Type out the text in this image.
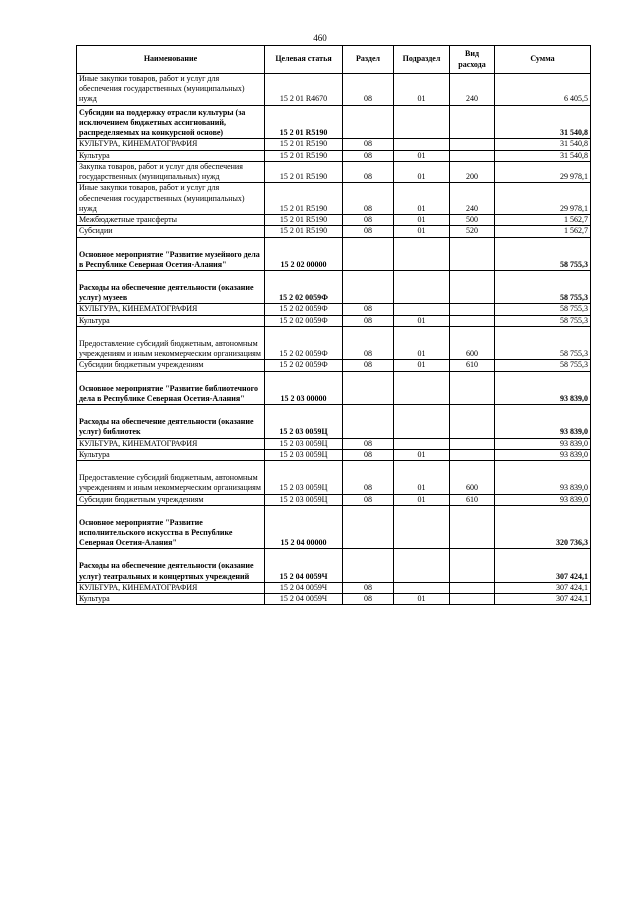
460
Наименование	Целевая статья	Раздел	Подраздел	Вид расхода	Сумма
Иные закупки товаров, работ и услуг для обеспечения государственных (муниципальных) нужд	15 2 01 R4670	08	01	240	6 405,5
Субсидии на поддержку отрасли культуры (за исключением бюджетных ассигнований, распределяемых на конкурсной основе)	15 2 01 R5190				31 540,8
КУЛЬТУРА, КИНЕМАТОГРАФИЯ	15 2 01 R5190	08			31 540,8
Культура	15 2 01 R5190	08	01		31 540,8
Закупка товаров, работ и услуг для обеспечения государственных (муниципальных) нужд	15 2 01 R5190	08	01	200	29 978,1
Иные закупки товаров, работ и услуг для обеспечения государственных (муниципальных) нужд	15 2 01 R5190	08	01	240	29 978,1
Межбюджетные трансферты	15 2 01 R5190	08	01	500	1 562,7
Субсидии	15 2 01 R5190	08	01	520	1 562,7
Основное мероприятие "Развитие музейного дела в Республике Северная Осетия-Алания"	15 2 02 00000				58 755,3
Расходы на обеспечение деятельности (оказание услуг) музеев	15 2 02 0059Ф				58 755,3
КУЛЬТУРА, КИНЕМАТОГРАФИЯ	15 2 02 0059Ф	08			58 755,3
Культура	15 2 02 0059Ф	08	01		58 755,3
Предоставление субсидий бюджетным, автономным учреждениям и иным некоммерческим организациям	15 2 02 0059Ф	08	01	600	58 755,3
Субсидии бюджетным учреждениям	15 2 02 0059Ф	08	01	610	58 755,3
Основное мероприятие "Развитие библиотечного дела в Республике Северная Осетия-Алания"	15 2 03 00000				93 839,0
Расходы на обеспечение деятельности (оказание услуг) библиотек	15 2 03 0059Ц				93 839,0
КУЛЬТУРА, КИНЕМАТОГРАФИЯ	15 2 03 0059Ц	08			93 839,0
Культура	15 2 03 0059Ц	08	01		93 839,0
Предоставление субсидий бюджетным, автономным учреждениям и иным некоммерческим организациям	15 2 03 0059Ц	08	01	600	93 839,0
Субсидии бюджетным учреждениям	15 2 03 0059Ц	08	01	610	93 839,0
Основное мероприятие "Развитие исполнительского искусства в Республике Северная Осетия-Алания"	15 2 04 00000				320 736,3
Расходы на обеспечение деятельности (оказание услуг) театральных и концертных учреждений	15 2 04 0059Ч				307 424,1
КУЛЬТУРА, КИНЕМАТОГРАФИЯ	15 2 04 0059Ч	08			307 424,1
Культура	15 2 04 0059Ч	08	01		307 424,1
